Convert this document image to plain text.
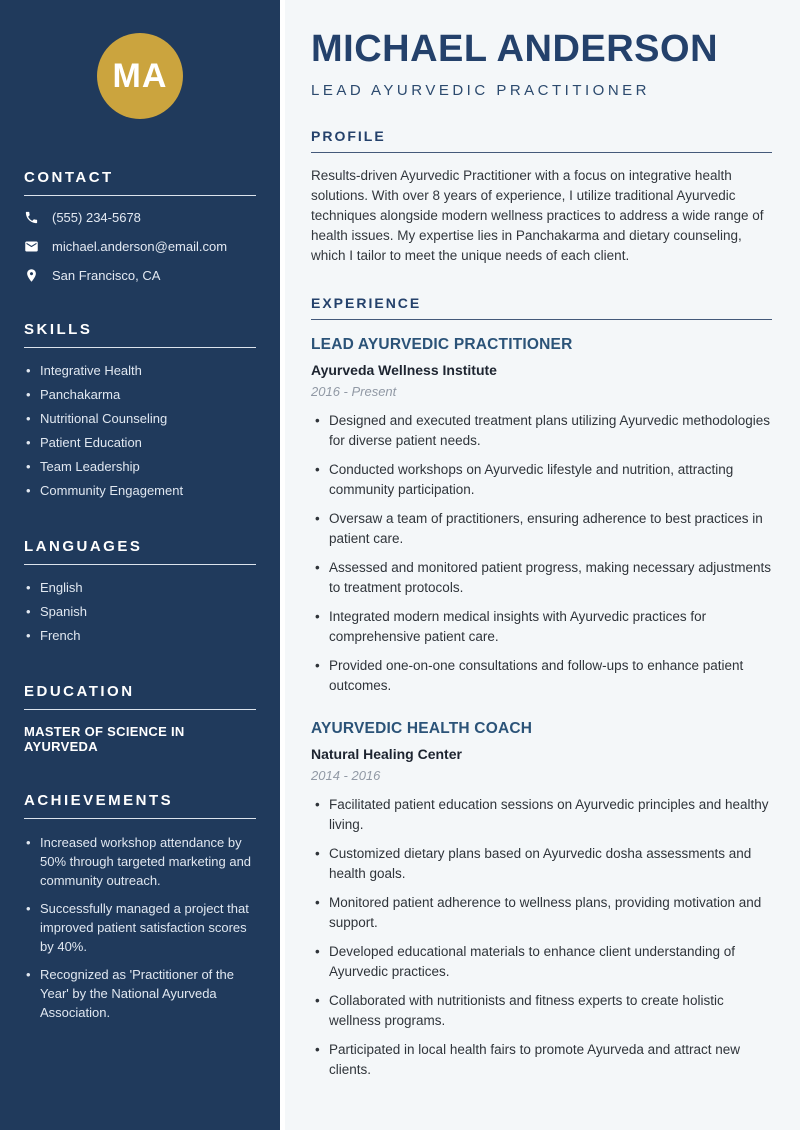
MA
CONTACT
(555) 234-5678
michael.anderson@email.com
San Francisco, CA
SKILLS
• Integrative Health
• Panchakarma
• Nutritional Counseling
• Patient Education
• Team Leadership
• Community Engagement
LANGUAGES
• English
• Spanish
• French
EDUCATION
MASTER OF SCIENCE IN AYURVEDA
ACHIEVEMENTS
• Increased workshop attendance by 50% through targeted marketing and community outreach.
• Successfully managed a project that improved patient satisfaction scores by 40%.
• Recognized as 'Practitioner of the Year' by the National Ayurveda Association.
MICHAEL ANDERSON
LEAD AYURVEDIC PRACTITIONER
PROFILE

Results-driven Ayurvedic Practitioner with a focus on integrative health solutions. With over 8 years of experience, I utilize traditional Ayurvedic techniques alongside modern wellness practices to address a wide range of health issues. My expertise lies in Panchakarma and dietary counseling, which I tailor to meet the unique needs of each client.

EXPERIENCE
LEAD AYURVEDIC PRACTITIONER
Ayurveda Wellness Institute
2016 - Present
• Designed and executed treatment plans utilizing Ayurvedic methodologies for diverse patient needs.
• Conducted workshops on Ayurvedic lifestyle and nutrition, attracting community participation.
• Oversaw a team of practitioners, ensuring adherence to best practices in patient care.
• Assessed and monitored patient progress, making necessary adjustments to treatment protocols.
• Integrated modern medical insights with Ayurvedic practices for comprehensive patient care.
• Provided one-on-one consultations and follow-ups to enhance patient outcomes.
AYURVEDIC HEALTH COACH
Natural Healing Center
2014 - 2016
• Facilitated patient education sessions on Ayurvedic principles and healthy living.
• Customized dietary plans based on Ayurvedic dosha assessments and health goals.
• Monitored patient adherence to wellness plans, providing motivation and support.
• Developed educational materials to enhance client understanding of Ayurvedic practices.
• Collaborated with nutritionists and fitness experts to create holistic wellness programs.
• Participated in local health fairs to promote Ayurveda and attract new clients.
